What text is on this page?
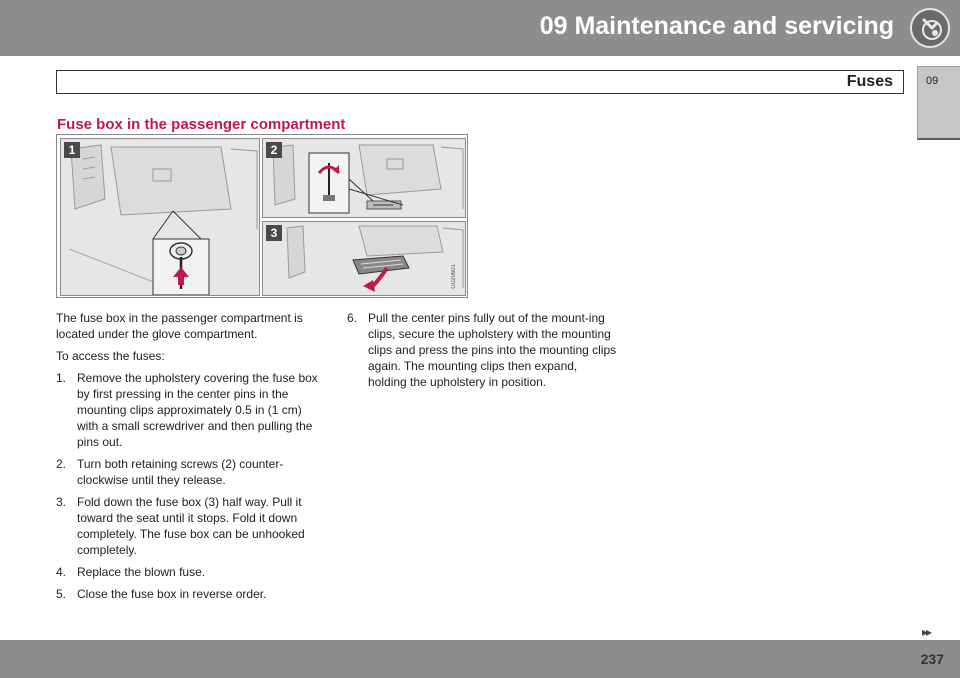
09 Maintenance and servicing
Fuses	09
Fuse box in the passenger compartment
1	2
3
G020601

The fuse box in the passenger compartment is located under the glove compartment.

To access the fuses:

1. Remove the upholstery covering the fuse box by first pressing in the center pins in the mounting clips approximately 0.5 in (1 cm) with a small screwdriver and then pulling the pins out.
2. Turn both retaining screws (2) counter-clockwise until they release.
3. Fold down the fuse box (3) half way. Pull it toward the seat until it stops. Fold it down completely. The fuse box can be unhooked completely.
4. Replace the blown fuse.
5. Close the fuse box in reverse order.
6. Pull the center pins fully out of the mount-ing clips, secure the upholstery with the mounting clips and press the pins into the mounting clips again. The mounting clips then expand, holding the upholstery in position.
▸▸
237
